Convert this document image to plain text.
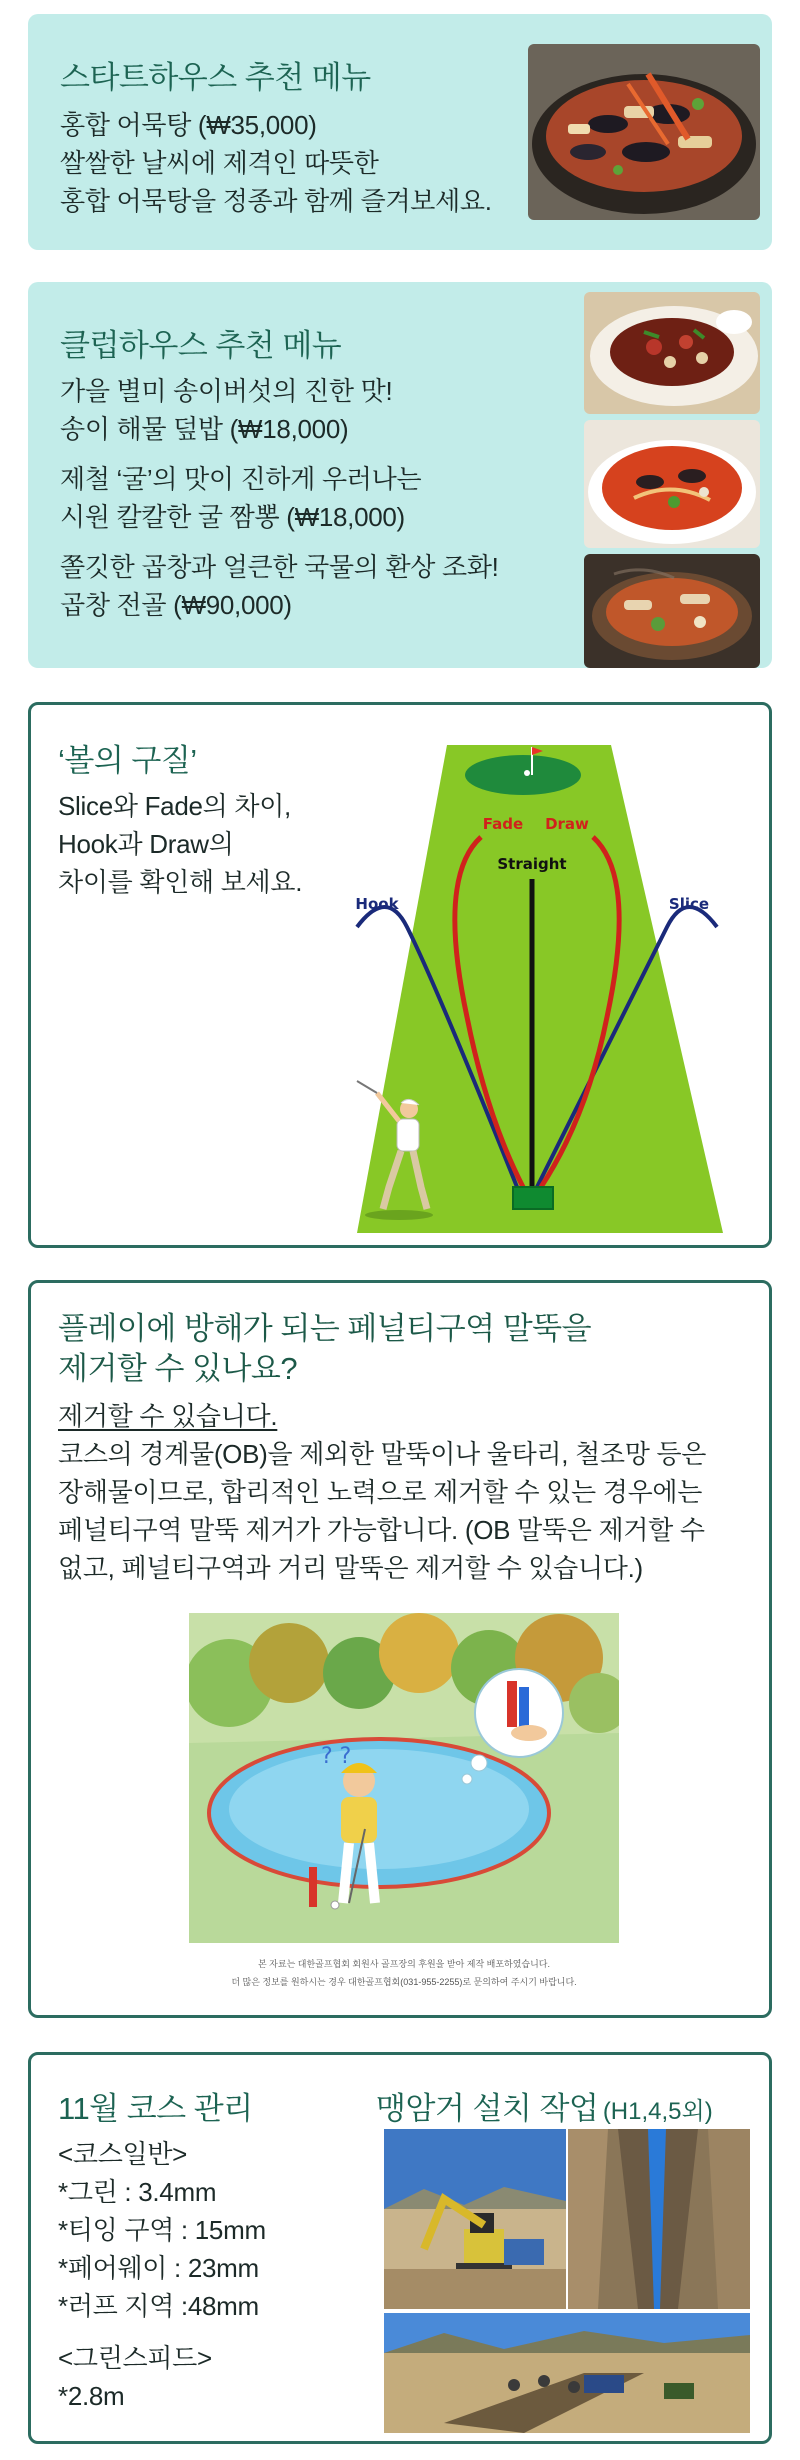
스타트하우스 추천 메뉴
홍합 어묵탕 (₩35,000)
쌀쌀한 날씨에 제격인 따뜻한
홍합 어묵탕을 정종과 함께 즐겨보세요.
클럽하우스 추천 메뉴
가을 별미 송이버섯의 진한 맛!
송이 해물 덮밥 (₩18,000)
제철 ‘굴’의 맛이 진하게 우러나는
시원 칼칼한 굴 짬뽕 (₩18,000)
쫄깃한 곱창과 얼큰한 국물의 환상 조화!
곱창 전골 (₩90,000)
‘볼의 구질’
Slice와 Fade의 차이,
Hook과 Draw의
차이를 확인해 보세요.
Hook
Fade Draw
Straight
Slice
플레이에 방해가 되는 페널티구역 말뚝을
제거할 수 있나요?
제거할 수 있습니다.
코스의 경계물(OB)을 제외한 말뚝이나 울타리, 철조망 등은
장해물이므로, 합리적인 노력으로 제거할 수 있는 경우에는
페널티구역 말뚝 제거가 가능합니다. (OB 말뚝은 제거할 수
없고, 페널티구역과 거리 말뚝은 제거할 수 있습니다.)
? ?
본 자료는 대한골프협회 회원사 골프장의 후원을 받아 제작 배포하였습니다.
더 많은 정보를 원하시는 경우 대한골프협회(031-955-2255)로 문의하여 주시기 바랍니다.
11월 코스 관리
<코스일반>
*그린 : 3.4mm
*티잉 구역 : 15mm
*페어웨이 : 23mm
*러프 지역 :48mm
<그린스피드>
*2.8m
맹암거 설치 작업 (H1,4,5외)
